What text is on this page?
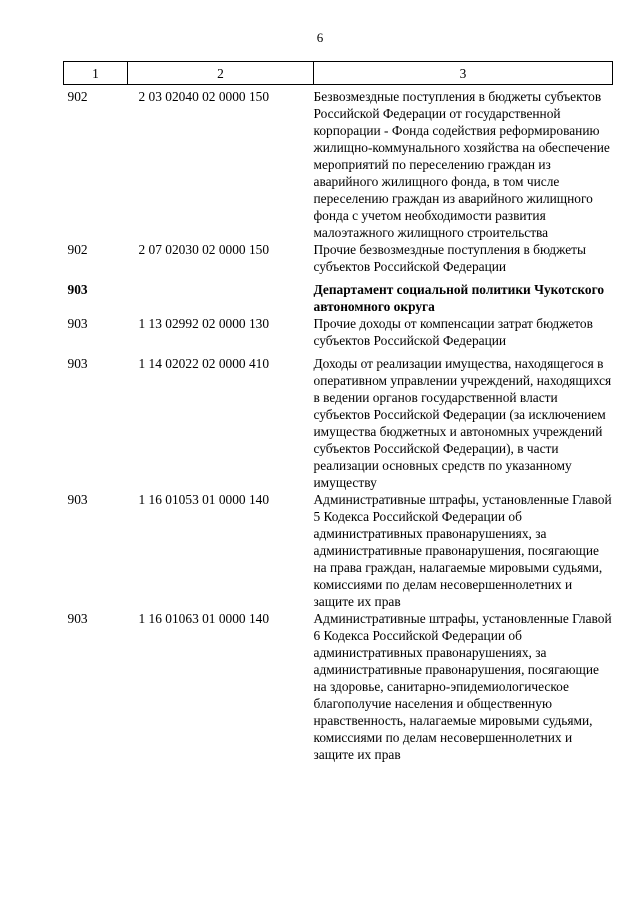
6
1	2	3
902	2 03 02040 02 0000 150	Безвозмездные поступления в бюджеты субъектов Российской Федерации от государственной корпорации - Фонда содействия реформированию жилищно-коммунального хозяйства на обеспечение мероприятий по переселению граждан из аварийного жилищного фонда, в том числе переселению граждан из аварийного жилищного фонда с учетом необходимости развития малоэтажного жилищного строительства
902	2 07 02030 02 0000 150	Прочие безвозмездные поступления в бюджеты субъектов Российской Федерации
903		Департамент социальной политики Чукотского автономного округа
903	1 13 02992 02 0000 130	Прочие доходы от компенсации затрат бюджетов субъектов Российской Федерации
903	1 14 02022 02 0000 410	Доходы от реализации имущества, находящегося в оперативном управлении учреждений, находящихся в ведении органов государственной власти субъектов Российской Федерации (за исключением имущества бюджетных и автономных учреждений субъектов Российской Федерации), в части реализации основных средств по указанному имуществу
903	1 16 01053 01 0000 140	Административные штрафы, установленные Главой 5 Кодекса Российской Федерации об административных правонарушениях, за административные правонарушения, посягающие на права граждан, налагаемые мировыми судьями, комиссиями по делам несовершеннолетних и защите их прав
903	1 16 01063 01 0000 140	Административные штрафы, установленные Главой 6 Кодекса Российской Федерации об административных правонарушениях, за административные правонарушения, посягающие на здоровье, санитарно-эпидемиологическое благополучие населения и общественную нравственность, налагаемые мировыми судьями, комиссиями по делам несовершеннолетних и защите их прав
